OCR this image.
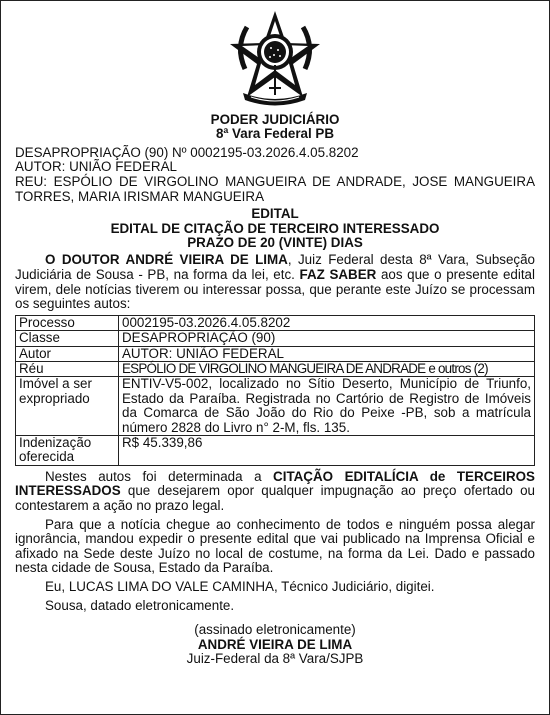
PODER JUDICIÁRIO
8ª Vara Federal PB
DESAPROPRIAÇÃO (90) Nº 0002195-03.2026.4.05.8202
AUTOR: UNIÃO FEDERAL
REU: ESPÓLIO DE VIRGOLINO MANGUEIRA DE ANDRADE, JOSE MANGUEIRA TORRES, MARIA IRISMAR MANGUEIRA
EDITAL
EDITAL DE CITAÇÃO DE TERCEIRO INTERESSADO
PRAZO DE 20 (VINTE) DIAS
O DOUTOR ANDRÉ VIEIRA DE LIMA, Juiz Federal desta 8ª Vara, Subseção Judiciária de Sousa - PB, na forma da lei, etc. FAZ SABER aos que o presente edital virem, dele notícias tiverem ou interessar possa, que perante este Juízo se processam os seguintes autos:
Processo	0002195-03.2026.4.05.8202
Classe	DESAPROPRIAÇÃO (90)
Autor	AUTOR: UNIÃO FEDERAL
Réu	ESPÓLIO DE VIRGOLINO MANGUEIRA DE ANDRADE e outros (2)
Imóvel a ser expropriado	ENTIV-V5-002, localizado no Sítio Deserto, Município de Triunfo, Estado da Paraíba. Registrada no Cartório de Registro de Imóveis da Comarca de São João do Rio do Peixe -PB, sob a matrícula número 2828 do Livro n° 2-M, fls. 135.
Indenização oferecida	R$ 45.339,86
Nestes autos foi determinada a CITAÇÃO EDITALÍCIA de TERCEIROS INTERESSADOS que desejarem opor qualquer impugnação ao preço ofertado ou contestarem a ação no prazo legal.
Para que a notícia chegue ao conhecimento de todos e ninguém possa alegar ignorância, mandou expedir o presente edital que vai publicado na Imprensa Oficial e afixado na Sede deste Juízo no local de costume, na forma da Lei. Dado e passado nesta cidade de Sousa, Estado da Paraíba.
Eu, LUCAS LIMA DO VALE CAMINHA, Técnico Judiciário, digitei.
Sousa, datado eletronicamente.
(assinado eletronicamente)
ANDRÉ VIEIRA DE LIMA
Juiz-Federal da 8ª Vara/SJPB
